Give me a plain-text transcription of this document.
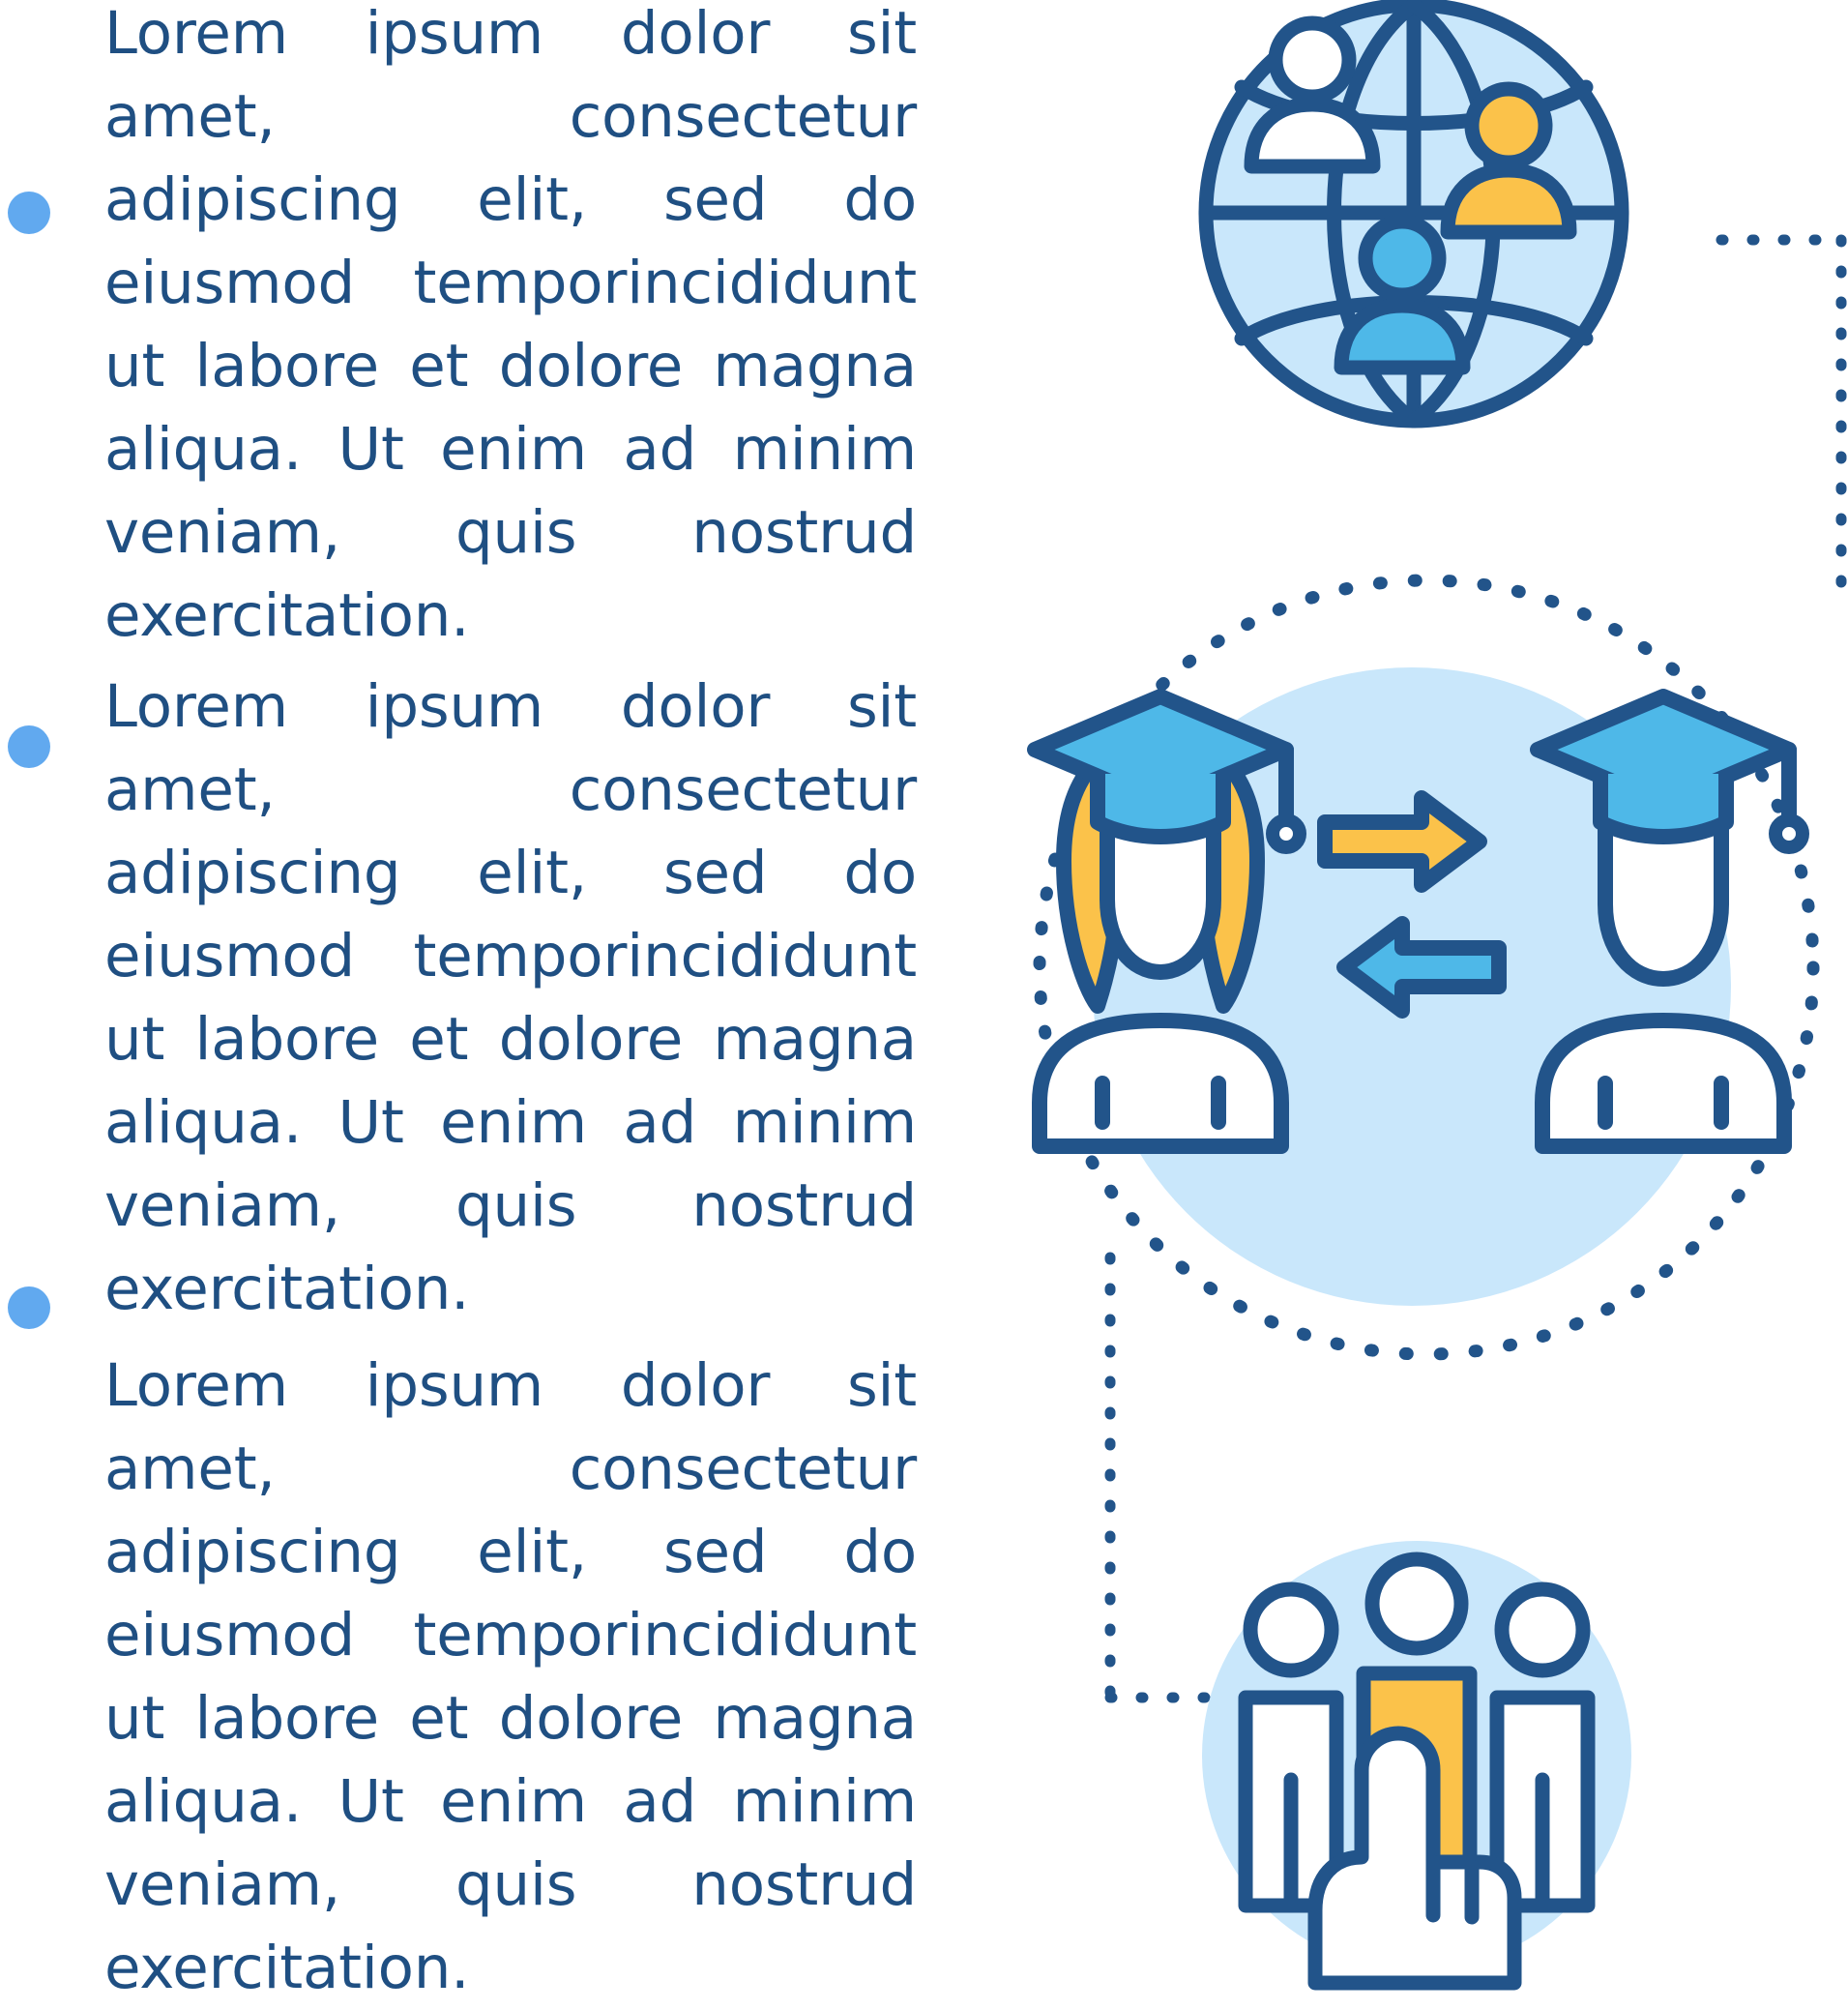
Lorem ipsum dolor sit amet, consectetur adipiscing elit, sed do eiusmod temporincididunt ut labore et dolore magna aliqua. Ut enim ad minim veniam, quis nostrud exercitation.

Lorem ipsum dolor sit amet, consectetur adipiscing elit, sed do eiusmod temporincididunt ut labore et dolore magna aliqua. Ut enim ad minim veniam, quis nostrud exercitation.

Lorem ipsum dolor sit amet, consectetur adipiscing elit, sed do eiusmod temporincididunt ut labore et dolore magna aliqua. Ut enim ad minim veniam, quis nostrud exercitation.
